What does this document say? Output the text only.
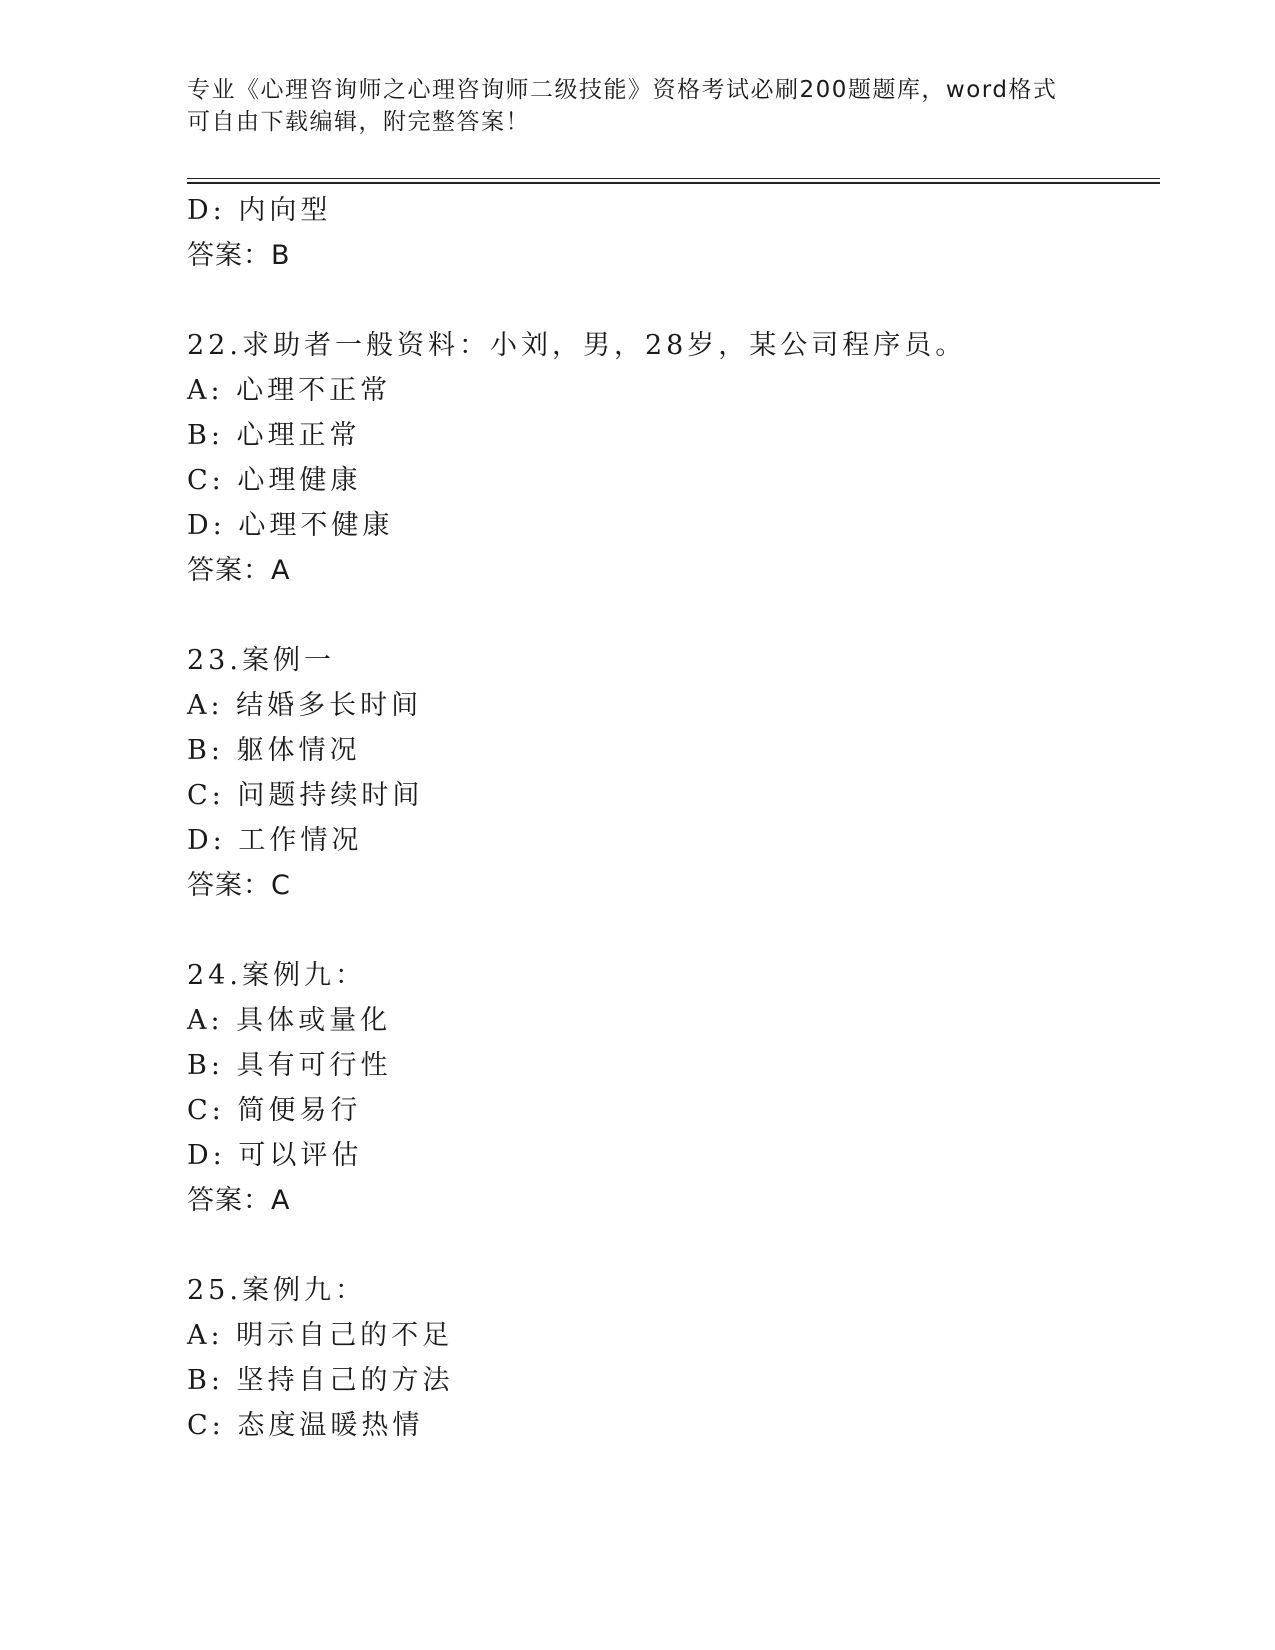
专业《心理咨询师之心理咨询师二级技能》资格考试必刷200题题库，word格式
可自由下载编辑，附完整答案！
D: 内向型
答案：B
22.求助者一般资料：小刘，男，28岁，某公司程序员。
A: 心理不正常
B: 心理正常
C: 心理健康
D: 心理不健康
答案：A
23.案例一
A: 结婚多长时间
B: 躯体情况
C: 问题持续时间
D: 工作情况
答案：C
24.案例九：
A: 具体或量化
B: 具有可行性
C: 简便易行
D: 可以评估
答案：A
25.案例九：
A: 明示自己的不足
B: 坚持自己的方法
C: 态度温暖热情
